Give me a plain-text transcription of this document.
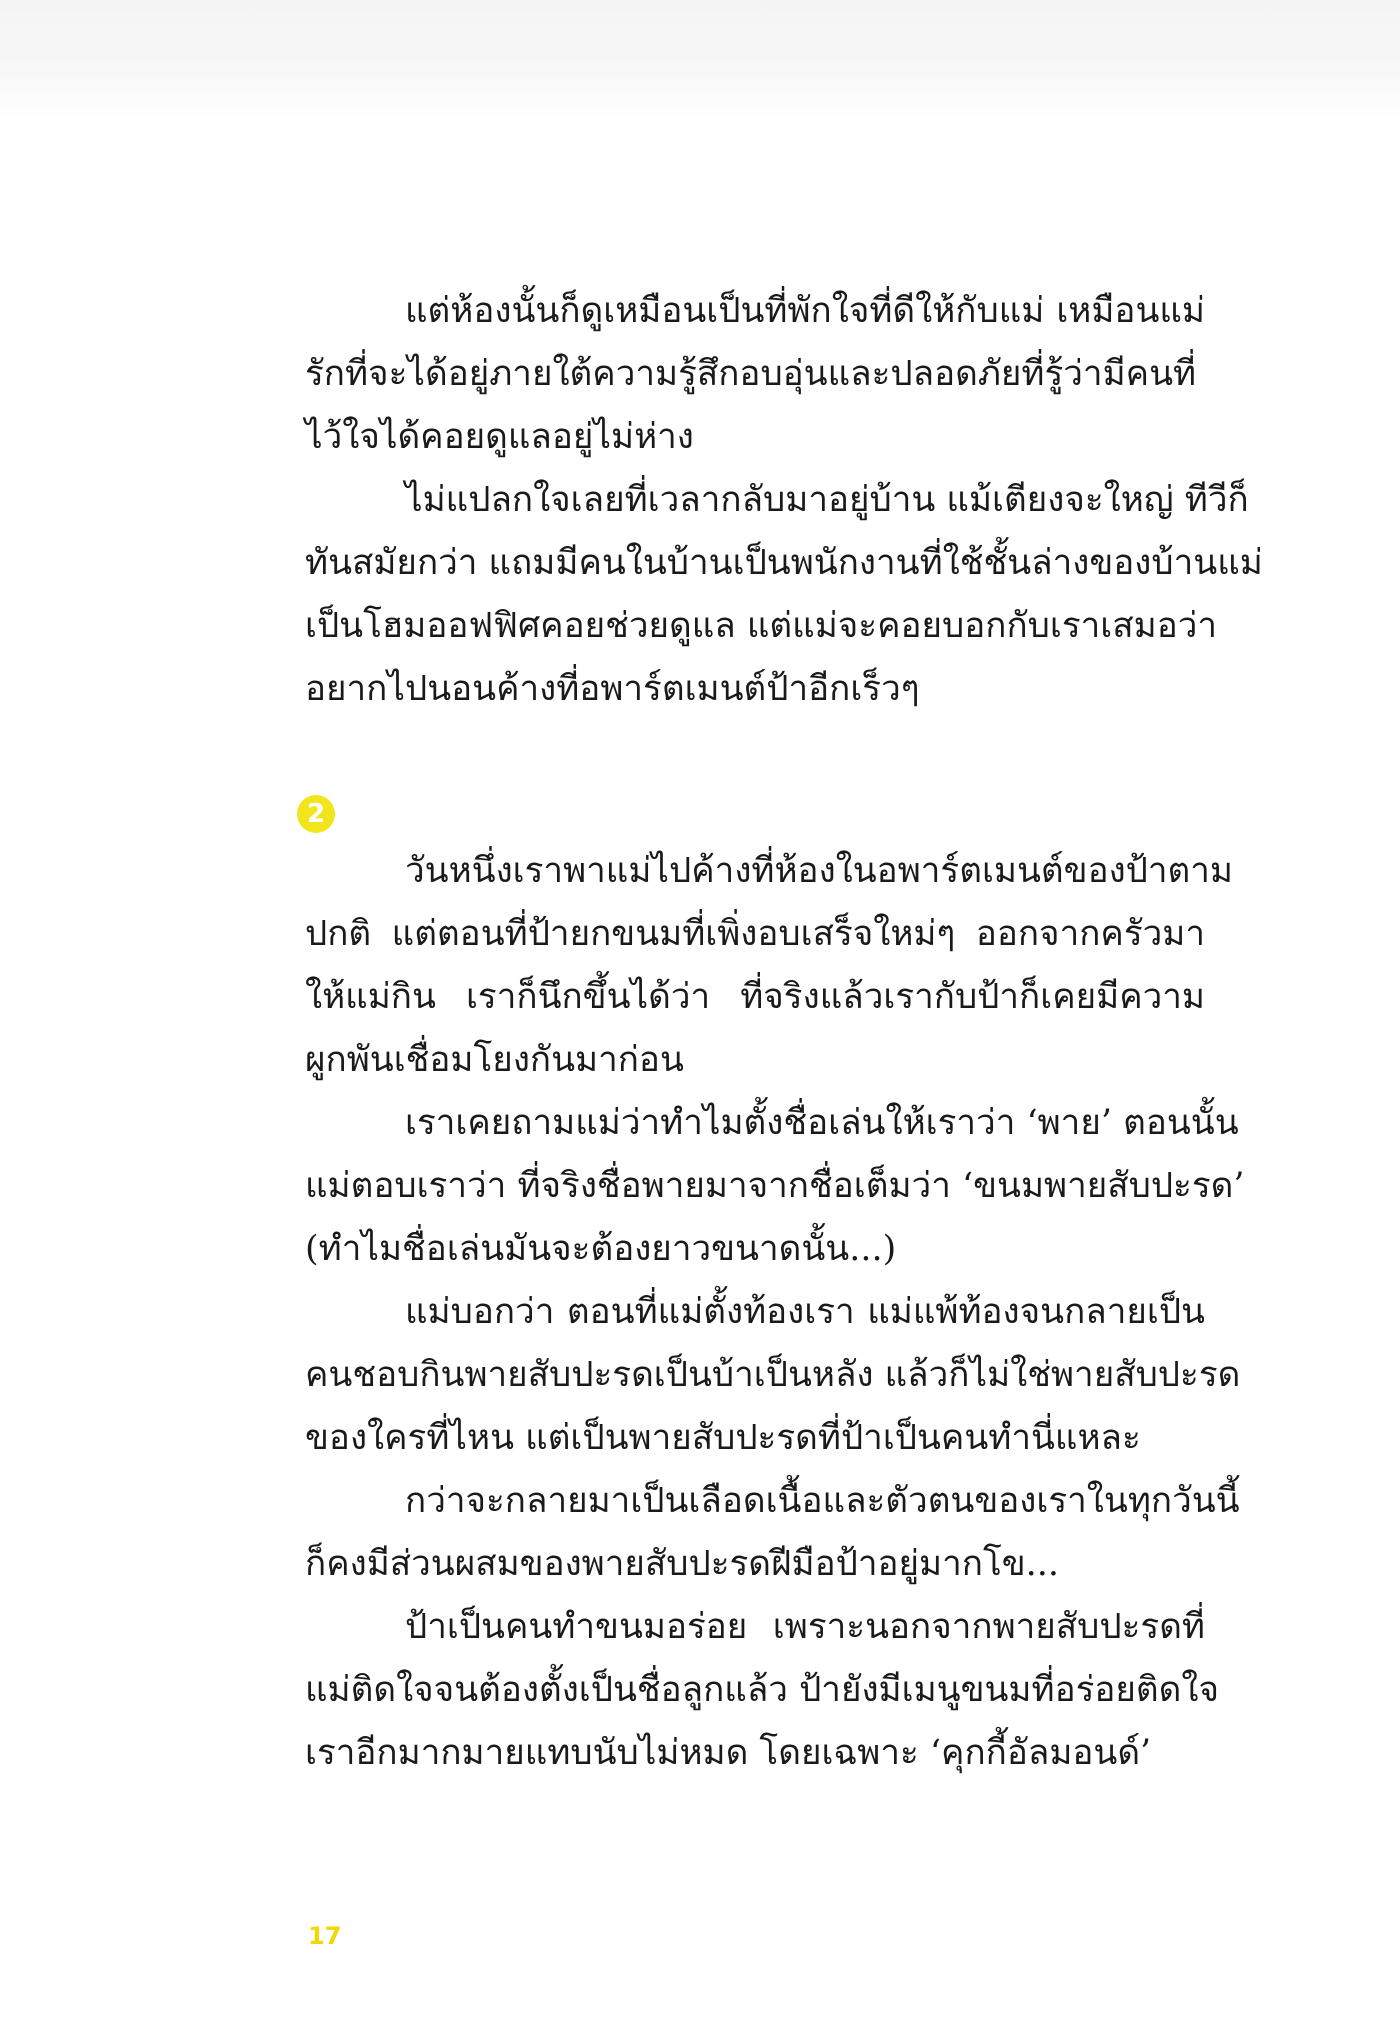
แต่ห้องนั้นก็ดูเหมือนเป็นที่พักใจที่ดีให้กับแม่ เหมือนแม่
รักที่จะได้อยู่ภายใต้ความรู้สึกอบอุ่นและปลอดภัยที่รู้ว่ามีคนที่
ไว้ใจได้คอยดูแลอยู่ไม่ห่าง
ไม่แปลกใจเลยที่เวลากลับมาอยู่บ้าน แม้เตียงจะใหญ่ ทีวีก็
ทันสมัยกว่า แถมมีคนในบ้านเป็นพนักงานที่ใช้ชั้นล่างของบ้านแม่
เป็นโฮมออฟฟิศคอยช่วยดูแล แต่แม่จะคอยบอกกับเราเสมอว่า
อยากไปนอนค้างที่อพาร์ตเมนต์ป้าอีกเร็วๆ
2
วันหนึ่งเราพาแม่ไปค้างที่ห้องในอพาร์ตเมนต์ของป้าตาม
ปกติ แต่ตอนที่ป้ายกขนมที่เพิ่งอบเสร็จใหม่ๆ ออกจากครัวมา
ให้แม่กิน เราก็นึกขึ้นได้ว่า ที่จริงแล้วเรากับป้าก็เคยมีความ
ผูกพันเชื่อมโยงกันมาก่อน
เราเคยถามแม่ว่าทำไมตั้งชื่อเล่นให้เราว่า ‘พาย’ ตอนนั้น
แม่ตอบเราว่า ที่จริงชื่อพายมาจากชื่อเต็มว่า ‘ขนมพายสับปะรด’
(ทำไมชื่อเล่นมันจะต้องยาวขนาดนั้น...)
แม่บอกว่า ตอนที่แม่ตั้งท้องเรา แม่แพ้ท้องจนกลายเป็น
คนชอบกินพายสับปะรดเป็นบ้าเป็นหลัง แล้วก็ไม่ใช่พายสับปะรด
ของใครที่ไหน แต่เป็นพายสับปะรดที่ป้าเป็นคนทำนี่แหละ
กว่าจะกลายมาเป็นเลือดเนื้อและตัวตนของเราในทุกวันนี้
ก็คงมีส่วนผสมของพายสับปะรดฝีมือป้าอยู่มากโข...
ป้าเป็นคนทำขนมอร่อย เพราะนอกจากพายสับปะรดที่
แม่ติดใจจนต้องตั้งเป็นชื่อลูกแล้ว ป้ายังมีเมนูขนมที่อร่อยติดใจ
เราอีกมากมายแทบนับไม่หมด โดยเฉพาะ ‘คุกกี้อัลมอนด์’
17
